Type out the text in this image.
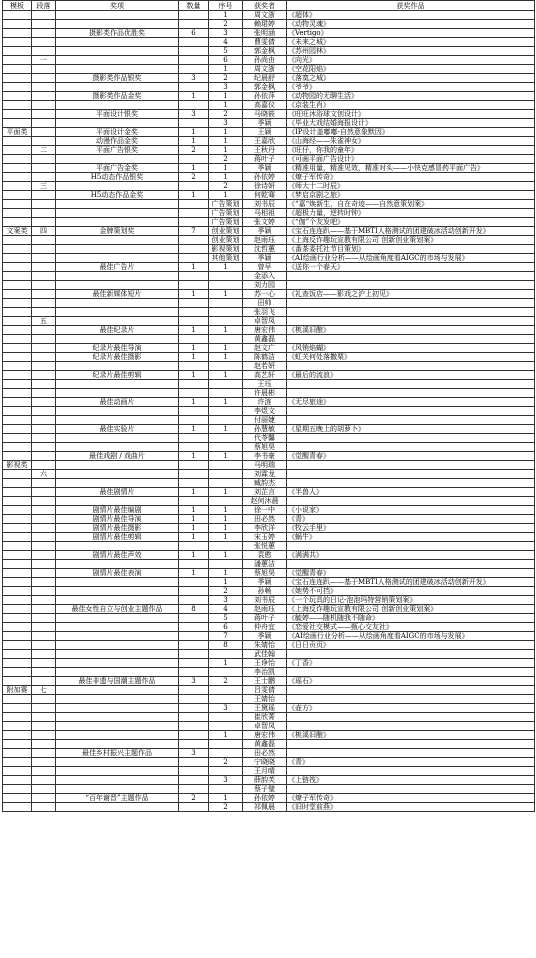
模板	段落	奖项	数量	序号	获奖者	获奖作品
				1	周文浙	《超体》
				2	赖珺婷	《动物灵魂》
		摄影类作品优胜奖	6	3	张明涵	《Vertigo》
				4	曹雯倩	《未来之城》
				5	郭金枫	《苏州园林》
	一			6	孙尚由	《向光》
				1	周文浙	《空花阳焰》
		摄影类作品银奖	3	2	纪晨舒	《落寞之城》
				3	郭金枫	《爷爷》
		摄影类作品金奖	1	1	孙依萍	《动物园的无聊生活》
				1	高嘉仪	《京装生肖》
		平面设计银奖	3	2	马晓筱	《旺旺沐浴球文创设计》
				3	季颖	《毕业大戏结婚海报设计》
平面类		平面设计金奖	1	1	王颖	《IP设计盖嘟嘟-自然意象默因》
		动漫作品金奖	1	1	王嘉欣	《山海经——朱雀神女》
	二	平面广告银奖	2	1	王秋丹	《旺仔，你我的童年》
				2	蒋叶子	《可画平面广告设计》
		平面广告金奖	1	1	季颖	《精准用量，精准见效，精准对头——小快克感冒药平面广告》
		H5动态作品银奖	2	1	孙依婷	《燎子军传奇》
	三			2	徐诗妍	《师大十二时辰》
		H5动态作品金奖	1	1	何乾骞	《梦启京剧之旅》
				广告策划	刘书辰	《“嘉“焕新生，自在奇迹——自然意策划案》
				广告策划	马相祖	《超极力量，逆转时钟》
				广告策划	张文婷	《“伽”个友发吧》
文案类	四	金牌策划奖	7	创业策划	季颖	《宝石连连趴——基于MBTI人格测试的团建破冰活动创新开发》
				创业策划	赵雨珏	《上海反诈趣玩宣教有限公司 创新创业策划案》
				影视策划	沈哲蕙	《番茶委托社节目策划》
				其他策划	季颖	《AI绘画行业分析——从绘画角度看AIGC的市场与发展》
		最佳广告片	1	1	曾早	《送你一个春天》
					金添入	
					刘力园	
		最佳新媒体短片	1	1	苏一心	《礼查饭店——影戏之沪上初见》
					田帅	
					张羽飞	
	五				卓智凤	
		最佳纪录片	1	1	唐宏伟	《桃溪旧酿》
					黄鑫磊	
		纪录片最佳导演	1	1	赵文广	《风销焰蝴》
		纪录片最佳摄影	1	1	陈鹤洁	《虹关何处落撒栗》
					赵若妍	
		纪录片最佳剪辑	1	1	高艺轩	《最后的流浪》
					王珏	
					许晨彬	
		最佳动画片	1	1	许涟	《无尽旅途》
					李煜文	
					付丽婕	
		最佳实验片	1	1	孙慧敏	《星期五晚上的胡萝卜》
					代苓馨	
					蔡旭昊	
		最佳戏剧 / 戏曲片	1	1	李书豪	《觉醒青春》
影视类					马明瑞	
	六				刘霖龙	
					臧韵杰	
		最佳剧情片	1	1	刘芷言	《半兽人》
					赵何沐晨	
		剧情片最佳编剧	1	1	徐一中	《小说家》
		剧情片最佳导演	1	1	田必然	《青》
		剧情片最佳摄影	1	1	李欣洋	《牧云手里》
		剧情片最佳剪辑	1	1	宋玉婷	《蜗牛》
					张悦蕙	
		剧情片最佳声效	1	1	袁憨	《满满共》
					潘蕙洁	
		剧情片最佳表演	1	1	蔡旭昊	《觉醒青春》
				1	季颖	《宝石连连趴——基于MBTI人格测试的团建破冰活动创新开发》
				2	孙畅	《她势不可挡》
				3	刘书辰	《一个玩具的日记-泡泡玛特营销策划案》
		最佳女性自立与创业主题作品	8	4	赵雨珏	《上海反诈趣玩宣教有限公司 创新创业策划案》
				5	蒋叶子	《毓婷——随机随我不随命》
				6	仲舟宜	《恋爱社交模式——甄心交友社》
				7	季颖	《AI绘画行业分析——从绘画角度看AIGC的市场与发展》
				8	朱婧怡	《日日贡页》
					武佳翰	
				1	王诤怡	《丁香》
					李治凯	
		最佳非遗与国潮主题作品	3	2	王士鹏	《瑶石》
附加赛	七				吕雯倩	
					王婧怡	
				3	王黛瑶	《壶方》
					崔欣菁	
					卓智凤	
				1	唐宏伟	《桃溪旧酿》
					黄鑫磊	
		最佳乡村振兴主题作品	3		田必然	
				2	宁晓晓	《青》
					王月晴	
				3	薛韵芙	《上链筏》
					蔡子璧	
		“百年谢晋”主题作品	2	1	孙依婷	《燎子军传奇》
				2	祁佩晨	《旧时堂前燕》
